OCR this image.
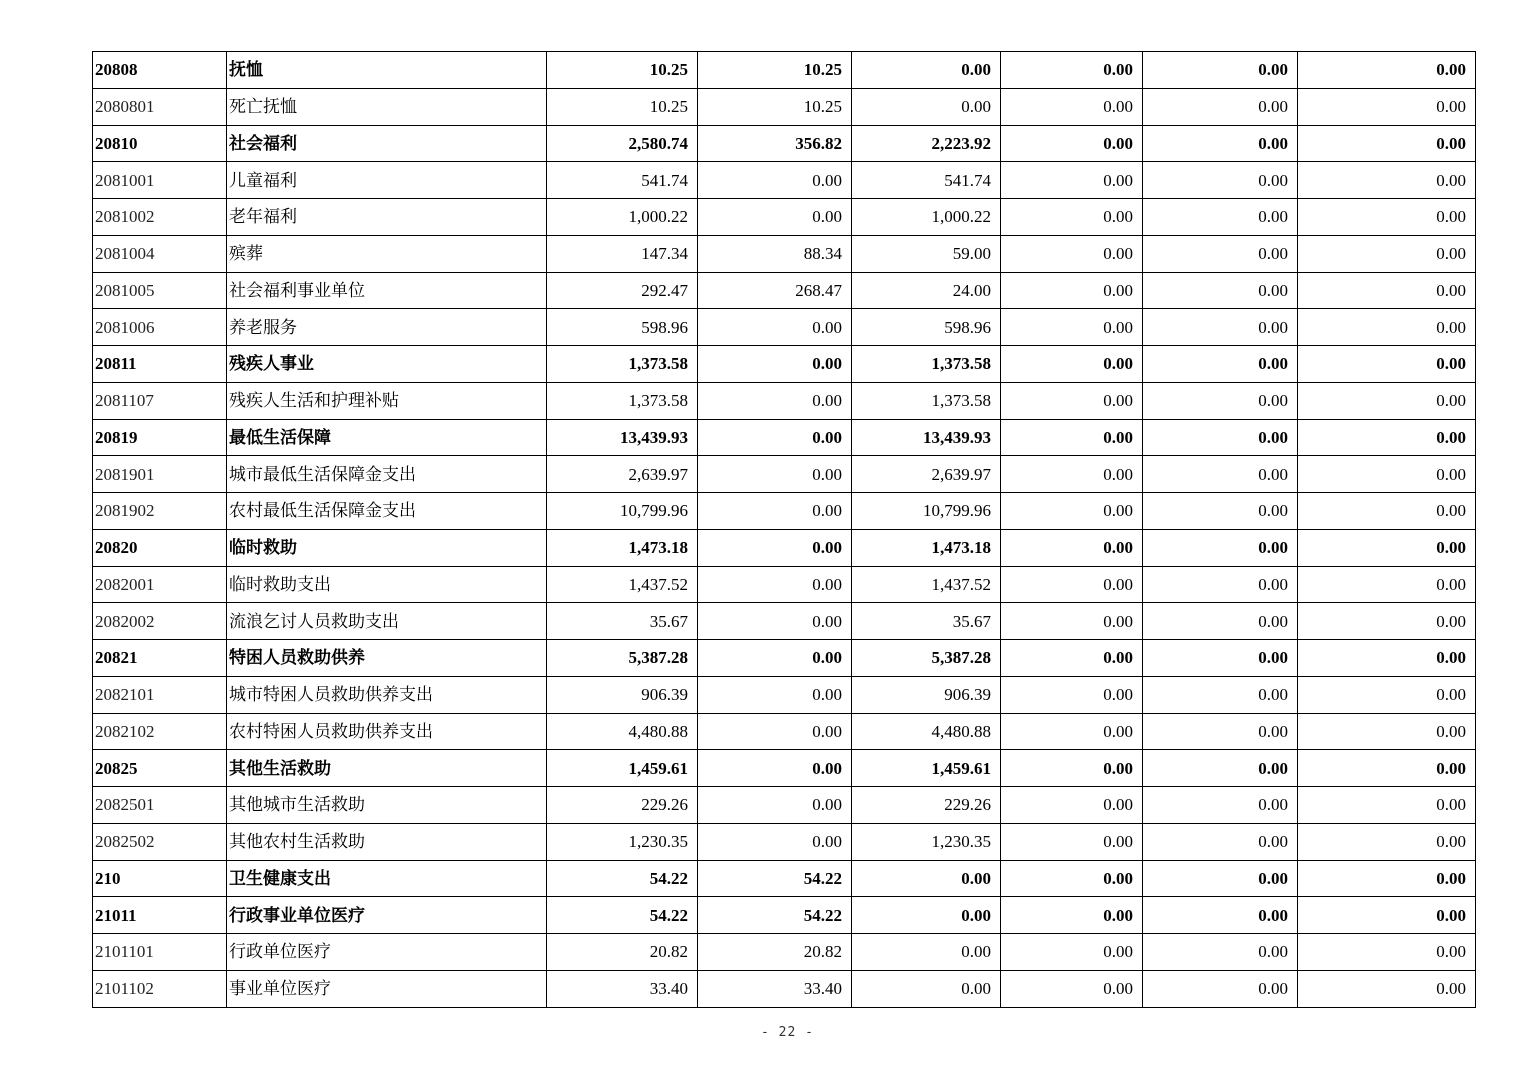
20808	抚恤	10.25	10.25	0.00	0.00	0.00	0.00
2080801	死亡抚恤	10.25	10.25	0.00	0.00	0.00	0.00
20810	社会福利	2,580.74	356.82	2,223.92	0.00	0.00	0.00
2081001	儿童福利	541.74	0.00	541.74	0.00	0.00	0.00
2081002	老年福利	1,000.22	0.00	1,000.22	0.00	0.00	0.00
2081004	殡葬	147.34	88.34	59.00	0.00	0.00	0.00
2081005	社会福利事业单位	292.47	268.47	24.00	0.00	0.00	0.00
2081006	养老服务	598.96	0.00	598.96	0.00	0.00	0.00
20811	残疾人事业	1,373.58	0.00	1,373.58	0.00	0.00	0.00
2081107	残疾人生活和护理补贴	1,373.58	0.00	1,373.58	0.00	0.00	0.00
20819	最低生活保障	13,439.93	0.00	13,439.93	0.00	0.00	0.00
2081901	城市最低生活保障金支出	2,639.97	0.00	2,639.97	0.00	0.00	0.00
2081902	农村最低生活保障金支出	10,799.96	0.00	10,799.96	0.00	0.00	0.00
20820	临时救助	1,473.18	0.00	1,473.18	0.00	0.00	0.00
2082001	临时救助支出	1,437.52	0.00	1,437.52	0.00	0.00	0.00
2082002	流浪乞讨人员救助支出	35.67	0.00	35.67	0.00	0.00	0.00
20821	特困人员救助供养	5,387.28	0.00	5,387.28	0.00	0.00	0.00
2082101	城市特困人员救助供养支出	906.39	0.00	906.39	0.00	0.00	0.00
2082102	农村特困人员救助供养支出	4,480.88	0.00	4,480.88	0.00	0.00	0.00
20825	其他生活救助	1,459.61	0.00	1,459.61	0.00	0.00	0.00
2082501	其他城市生活救助	229.26	0.00	229.26	0.00	0.00	0.00
2082502	其他农村生活救助	1,230.35	0.00	1,230.35	0.00	0.00	0.00
210	卫生健康支出	54.22	54.22	0.00	0.00	0.00	0.00
21011	行政事业单位医疗	54.22	54.22	0.00	0.00	0.00	0.00
2101101	行政单位医疗	20.82	20.82	0.00	0.00	0.00	0.00
2101102	事业单位医疗	33.40	33.40	0.00	0.00	0.00	0.00
- 22 -
